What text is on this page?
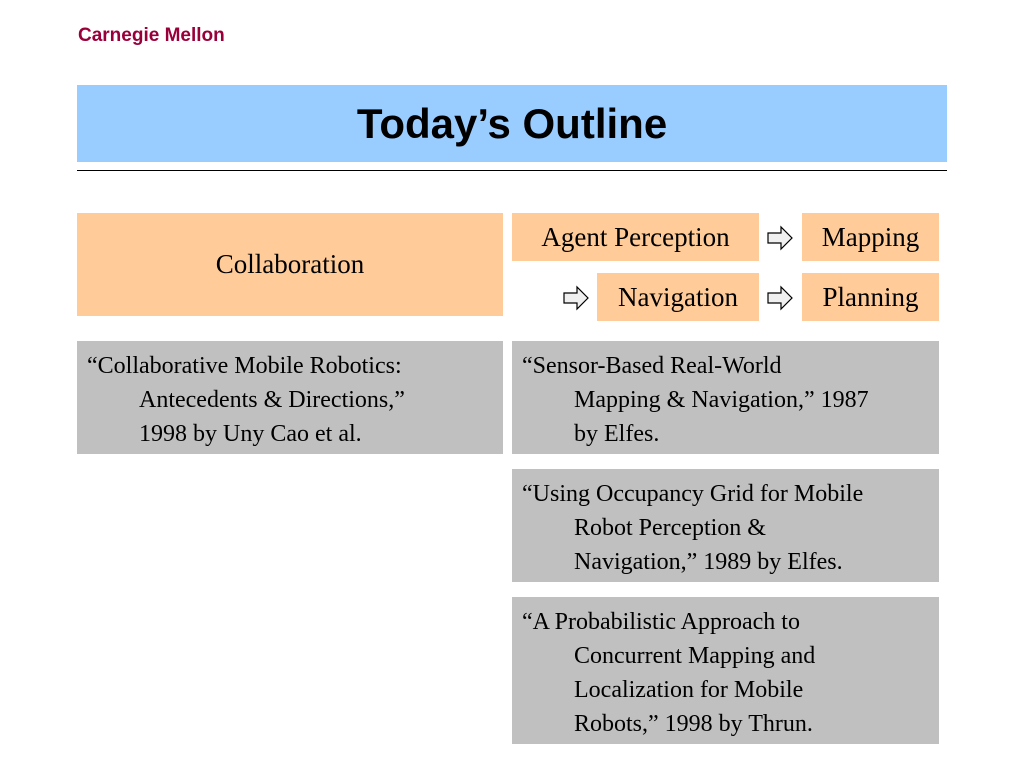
Carnegie Mellon
Today’s Outline
Collaboration
Agent Perception	Mapping
Navigation	Planning
“Collaborative Mobile Robotics:
Antecedents & Directions,”
1998 by Uny Cao et al.
“Sensor-Based Real-World
Mapping & Navigation,” 1987
by Elfes.
“Using Occupancy Grid for Mobile
Robot Perception &
Navigation,” 1989 by Elfes.
“A Probabilistic Approach to
Concurrent Mapping and
Localization for Mobile
Robots,” 1998 by Thrun.
